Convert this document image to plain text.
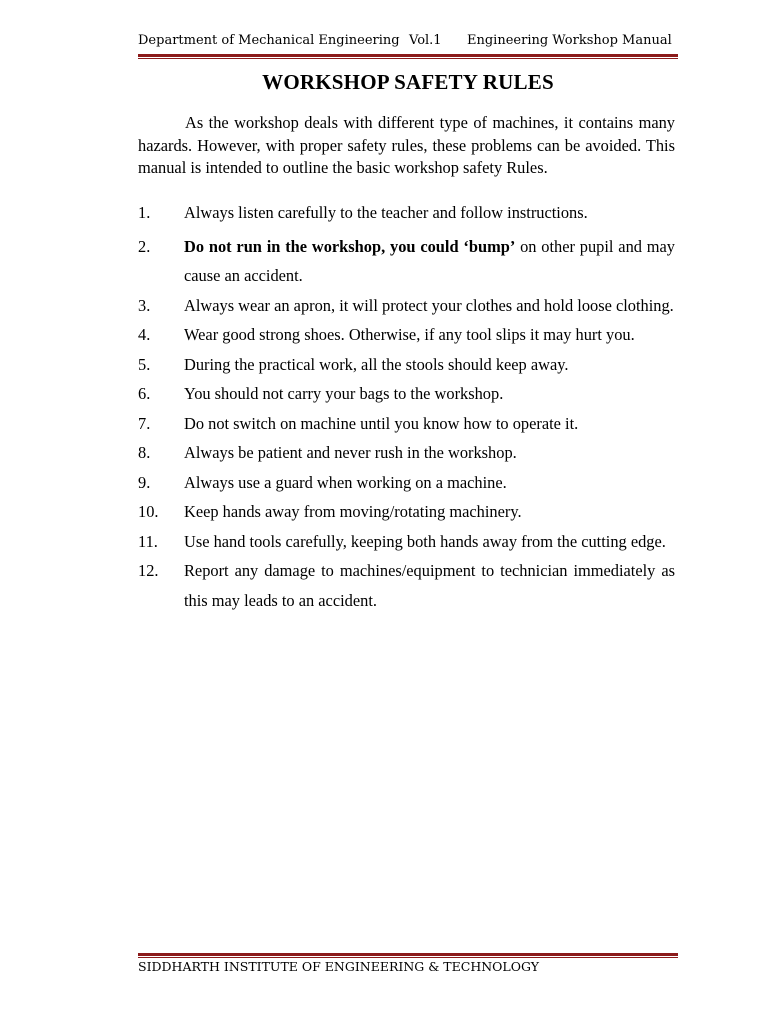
Department of Mechanical Engineering Vol.1 Engineering Workshop Manual
WORKSHOP SAFETY RULES

As the workshop deals with different type of machines, it contains many hazards. However, with proper safety rules, these problems can be avoided. This manual is intended to outline the basic workshop safety Rules.

1.	Always listen carefully to the teacher and follow instructions.
2.	Do not run in the workshop, you could ‘bump’ on other pupil and may cause an accident.
3.	Always wear an apron, it will protect your clothes and hold loose clothing.
4.	Wear good strong shoes. Otherwise, if any tool slips it may hurt you.
5.	During the practical work, all the stools should keep away.
6.	You should not carry your bags to the workshop.
7.	Do not switch on machine until you know how to operate it.
8.	Always be patient and never rush in the workshop.
9.	Always use a guard when working on a machine.
10.	Keep hands away from moving/rotating machinery.
11.	Use hand tools carefully, keeping both hands away from the cutting edge.
12.	Report any damage to machines/equipment to technician immediately as this may leads to an accident.
SIDDHARTH INSTITUTE OF ENGINEERING & TECHNOLOGY
